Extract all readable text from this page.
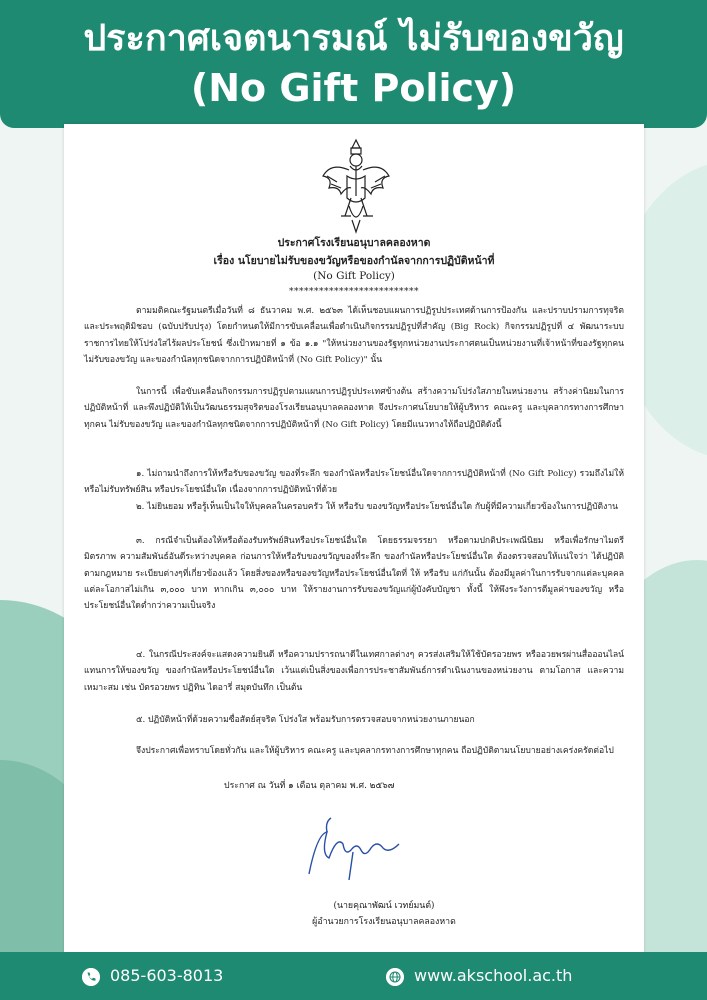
ประกาศเจตนารมณ์ ไม่รับของขวัญ
(No Gift Policy)
ประกาศโรงเรียนอนุบาลคลองหาด
เรื่อง นโยบายไม่รับของขวัญหรือของกำนัลจากการปฏิบัติหน้าที่
(No Gift Policy)
**************************

ตามมติคณะรัฐมนตรีเมื่อวันที่ ๘ ธันวาคม พ.ศ. ๒๕๖๓ ได้เห็นชอบแผนการปฏิรูปประเทศด้านการป้องกัน และปราบปรามการทุจริตและประพฤติมิชอบ (ฉบับปรับปรุง) โดยกำหนดให้มีการขับเคลื่อนเพื่อดำเนินกิจกรรมปฏิรูปที่สำคัญ (Big Rock) กิจกรรมปฏิรูปที่ ๔ พัฒนาระบบราชการไทยให้โปร่งใสไร้ผลประโยชน์ ซึ่งเป้าหมายที่ ๑ ข้อ ๑.๑ "ให้หน่วยงานของรัฐทุกหน่วยงานประกาศตนเป็นหน่วยงานที่เจ้าหน้าที่ของรัฐทุกคนไม่รับของขวัญ และของกำนัลทุกชนิดจากการปฏิบัติหน้าที่ (No Gift Policy)" นั้น

ในการนี้ เพื่อขับเคลื่อนกิจกรรมการปฏิรูปตามแผนการปฏิรูปประเทศข้างต้น สร้างความโปร่งใสภายในหน่วยงาน สร้างค่านิยมในการปฏิบัติหน้าที่ และพึงปฏิบัติให้เป็นวัฒนธรรมสุจริตของโรงเรียนอนุบาลคลองหาด จึงประกาศนโยบายให้ผู้บริหาร คณะครู และบุคลากรทางการศึกษาทุกคน ไม่รับของขวัญ และของกำนัลทุกชนิดจากการปฏิบัติหน้าที่ (No Gift Policy) โดยมีแนวทางให้ถือปฏิบัติดังนี้

๑. ไม่ถามนำถึงการให้หรือรับของขวัญ ของที่ระลึก ของกำนัลหรือประโยชน์อื่นใดจากการปฏิบัติหน้าที่ (No Gift Policy) รวมถึงไม่ให้หรือไม่รับทรัพย์สิน หรือประโยชน์อื่นใด เนื่องจากการปฏิบัติหน้าที่ด้วย

๒. ไม่ยินยอม หรือรู้เห็นเป็นใจให้บุคคลในครอบครัว ให้ หรือรับ ของขวัญหรือประโยชน์อื่นใด กับผู้ที่มีความเกี่ยวข้องในการปฏิบัติงาน

๓. กรณีจำเป็นต้องให้หรือต้องรับทรัพย์สินหรือประโยชน์อื่นใด โดยธรรมจรรยา หรือตามปกติประเพณีนิยม หรือเพื่อรักษาไมตรี มิตรภาพ ความสัมพันธ์อันดีระหว่างบุคคล ก่อนการให้หรือรับของขวัญของที่ระลึก ของกำนัลหรือประโยชน์อื่นใด ต้องตรวจสอบให้แน่ใจว่า ได้ปฏิบัติตามกฎหมาย ระเบียบต่างๆที่เกี่ยวข้องแล้ว โดยสิ่งของหรือของขวัญหรือประโยชน์อื่นใดที่ ให้ หรือรับ แก่กันนั้น ต้องมีมูลค่าในการรับจากแต่ละบุคคล แต่ละโอกาสไม่เกิน ๓,๐๐๐ บาท หากเกิน ๓,๐๐๐ บาท ให้รายงานการรับของขวัญแก่ผู้บังคับบัญชา ทั้งนี้ ให้พึงระวังการตีมูลค่าของขวัญ หรือประโยชน์อื่นใดต่ำกว่าความเป็นจริง

๔. ในกรณีประสงค์จะแสดงความยินดี หรือความปรารถนาดีในเทศกาลต่างๆ ควรส่งเสริมให้ใช้บัตรอวยพร หรืออวยพรผ่านสื่อออนไลน์ แทนการให้ของขวัญ ของกำนัลหรือประโยชน์อื่นใด เว้นแต่เป็นสิ่งของเพื่อการประชาสัมพันธ์การดำเนินงานของหน่วยงาน ตามโอกาส และความเหมาะสม เช่น บัตรอวยพร ปฏิทิน ไดอารี่ สมุดบันทึก เป็นต้น

๕. ปฏิบัติหน้าที่ด้วยความซื่อสัตย์สุจริต โปร่งใส พร้อมรับการตรวจสอบจากหน่วยงานภายนอก

จึงประกาศเพื่อทราบโดยทั่วกัน และให้ผู้บริหาร คณะครู และบุคลากรทางการศึกษาทุกคน ถือปฏิบัติตามนโยบายอย่างเคร่งครัดต่อไป

ประกาศ ณ วันที่ ๑ เดือน ตุลาคม พ.ศ. ๒๕๖๗
(นายคุณาพัฒน์ เวทย์มนต์)
ผู้อำนวยการโรงเรียนอนุบาลคลองหาด
085-603-8013	www.akschool.ac.th
